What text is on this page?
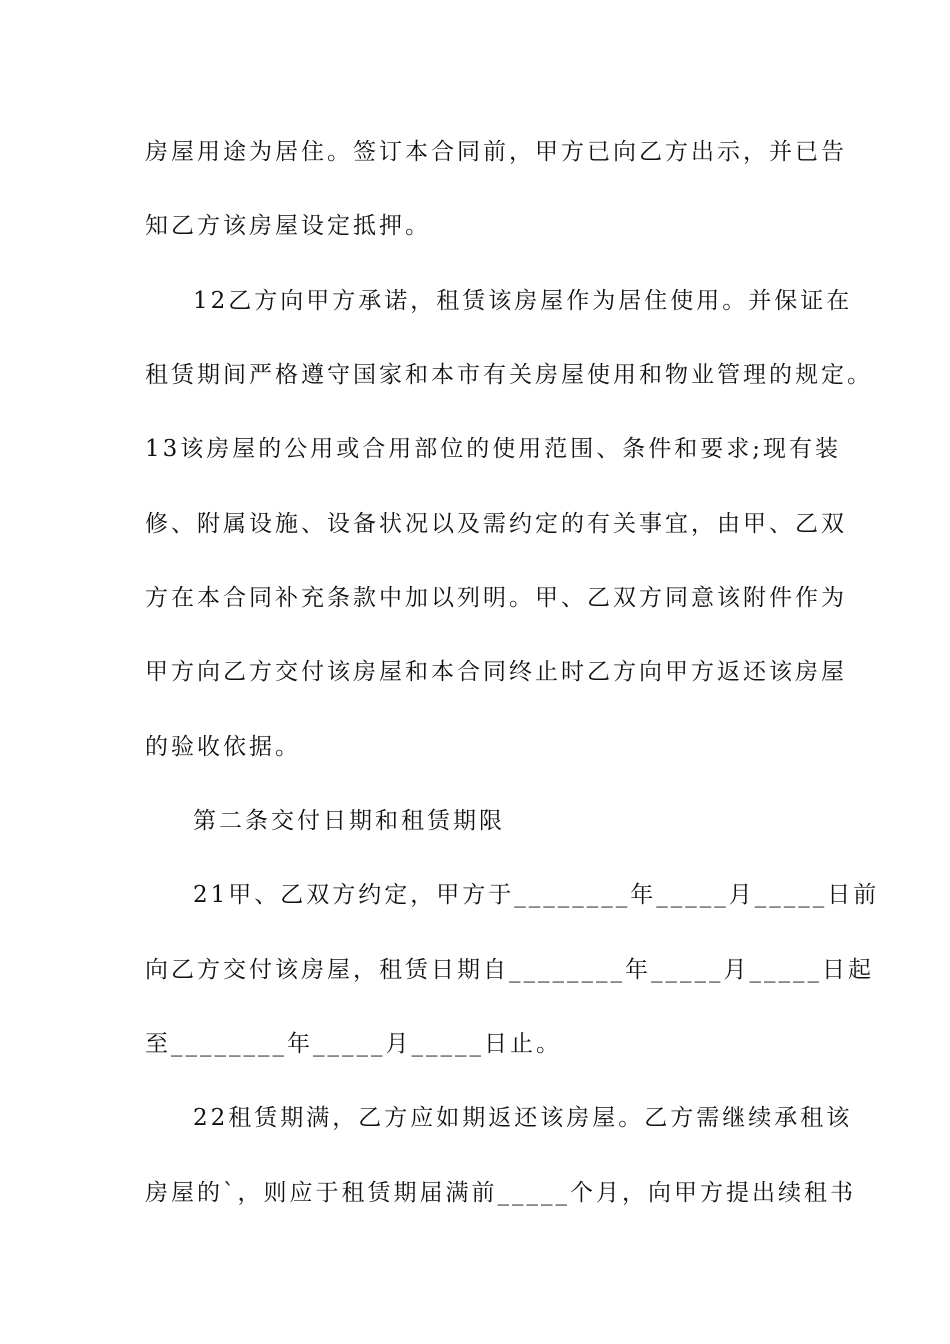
房屋用途为居住。签订本合同前，甲方已向乙方出示，并已告
知乙方该房屋设定抵押。
12乙方向甲方承诺，租赁该房屋作为居住使用。并保证在
租赁期间严格遵守国家和本市有关房屋使用和物业管理的规定。
13该房屋的公用或合用部位的使用范围、条件和要求;现有装
修、附属设施、设备状况以及需约定的有关事宜，由甲、乙双
方在本合同补充条款中加以列明。甲、乙双方同意该附件作为
甲方向乙方交付该房屋和本合同终止时乙方向甲方返还该房屋
的验收依据。
第二条交付日期和租赁期限
21甲、乙双方约定，甲方于________年_____月_____日前
向乙方交付该房屋，租赁日期自________年_____月_____日起
至________年_____月_____日止。
22租赁期满，乙方应如期返还该房屋。乙方需继续承租该
房屋的`，则应于租赁期届满前_____个月，向甲方提出续租书
